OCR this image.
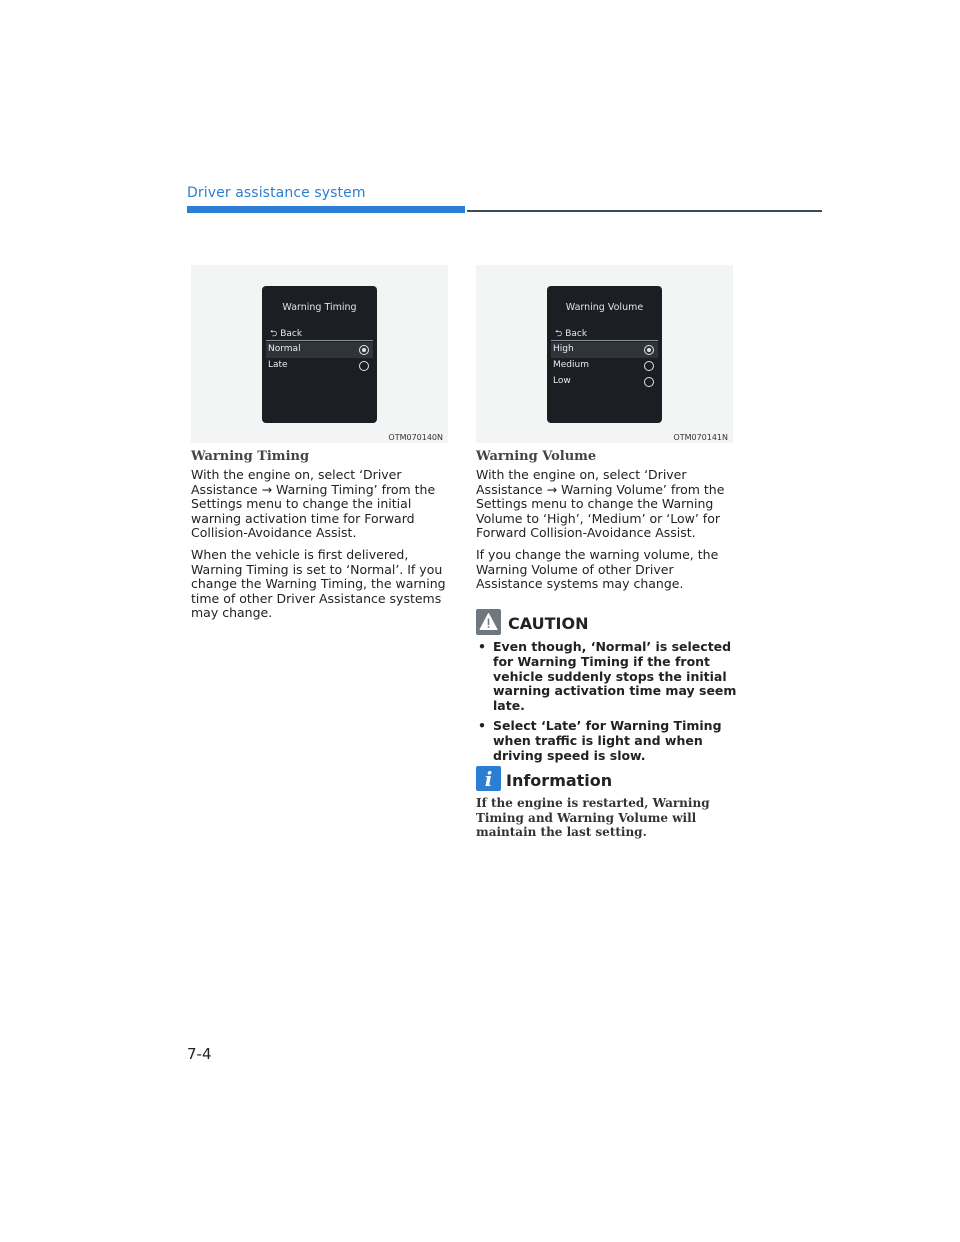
Driver assistance system
Warning Timing
⮌ Back
Normal
Late
OTM070140N
Warning Volume
⮌ Back
High
Medium
Low
OTM070141N
Warning Timing

With the engine on, select ‘Driver Assistance → Warning Timing’ from the Settings menu to change the initial warning activation time for Forward Collision-Avoidance Assist.

When the vehicle is first delivered, Warning Timing is set to ‘Normal’. If you change the Warning Timing, the warning time of other Driver Assistance systems may change.

Warning Volume

With the engine on, select ‘Driver Assistance → Warning Volume’ from the Settings menu to change the Warning Volume to ‘High’, ‘Medium’ or ‘Low’ for Forward Collision-Avoidance Assist.

If you change the warning volume, the Warning Volume of other Driver Assistance systems may change.

CAUTION
• Even though, ‘Normal’ is selected for Warning Timing if the front vehicle suddenly stops the initial warning activation time may seem late.
• Select ‘Late’ for Warning Timing when traffic is light and when driving speed is slow.
i Information
If the engine is restarted, Warning Timing and Warning Volume will maintain the last setting.
7-4
